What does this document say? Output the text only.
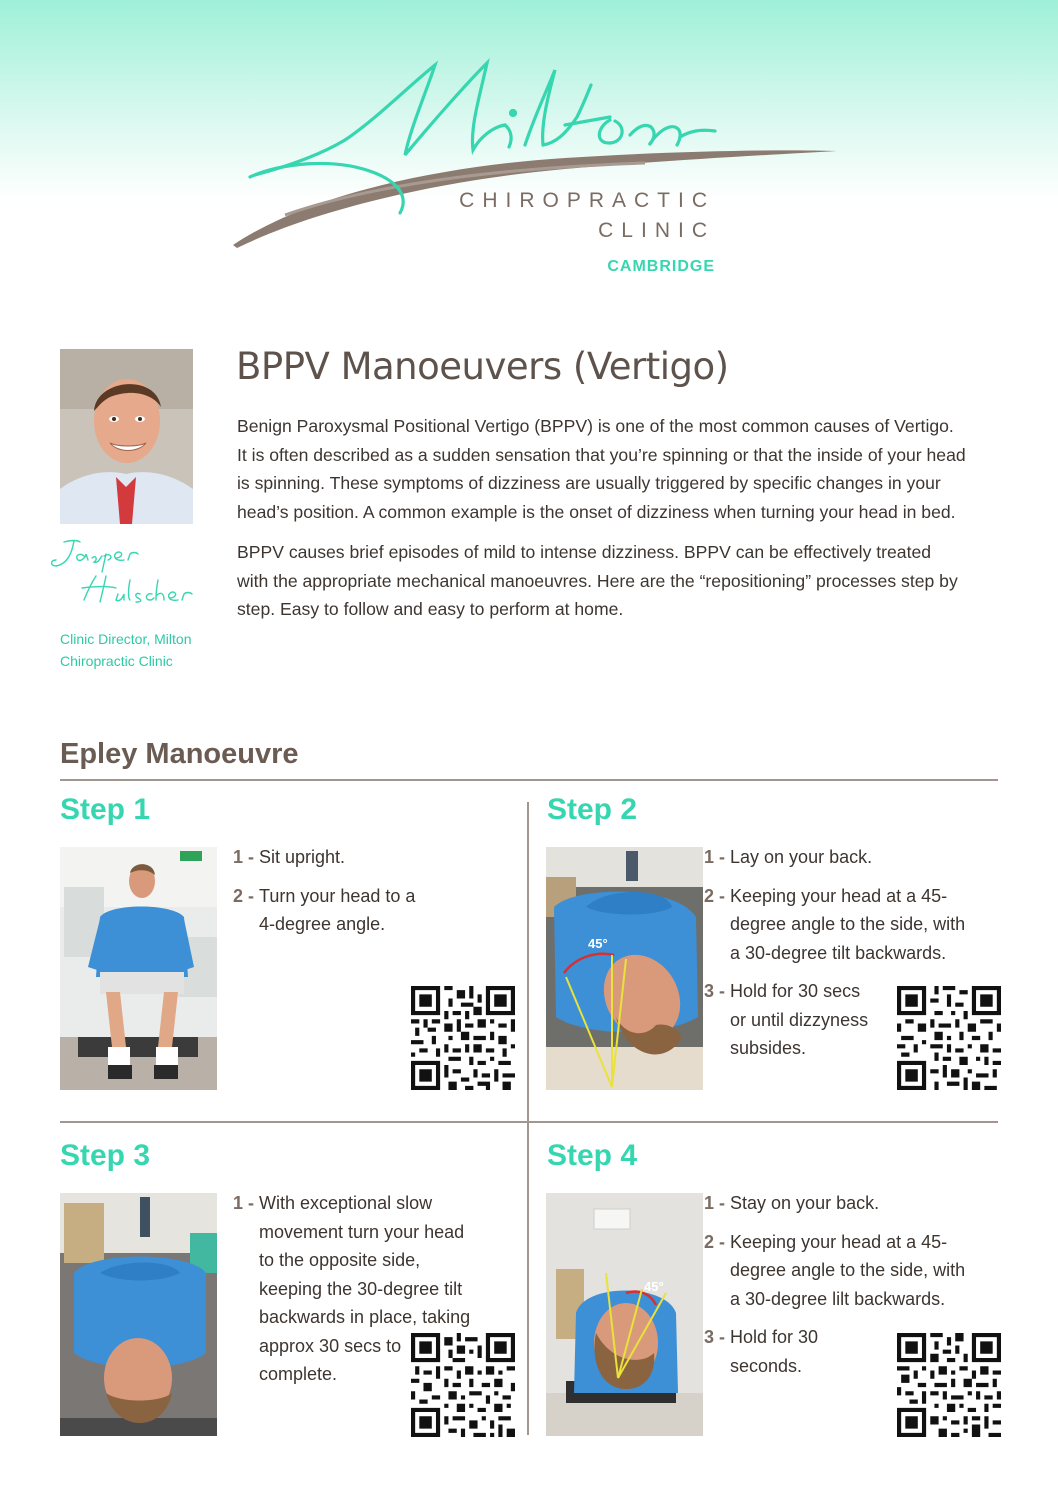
CHIROPRACTIC
CLINIC
CAMBRIDGE
Clinic Director, Milton Chiropractic Clinic
BPPV Manoeuvers (Vertigo)

Benign Paroxysmal Positional Vertigo (BPPV) is one of the most common causes of Vertigo. It is often described as a sudden sensation that you’re spinning or that the inside of your head is spinning. These symptoms of dizziness are usually triggered by specific changes in your head’s position. A common example is the onset of dizziness when turning your head in bed.

BPPV causes brief episodes of mild to intense dizziness. BPPV can be effectively treated with the appropriate mechanical manoeuvres. Here are the “repositioning” processes step by step. Easy to follow and easy to perform at home.

Epley Manoeuvre
Step 1
1 - Sit upright.
2 - Turn your head to a 4-degree angle.
Step 2
45°
1 - Lay on your back.
2 - Keeping your head at a 45-degree angle to the side, with a 30-degree tilt backwards.
3 - Hold for 30 secs or until dizzyness subsides.
Step 3
1 - With exceptional slow movement turn your head to the opposite side, keeping the 30-degree tilt backwards in place, taking approx 30 secs to complete.
Step 4
45°
1 - Stay on your back.
2 - Keeping your head at a 45-degree angle to the side, with a 30-degree lilt backwards.
3 - Hold for 30 seconds.
